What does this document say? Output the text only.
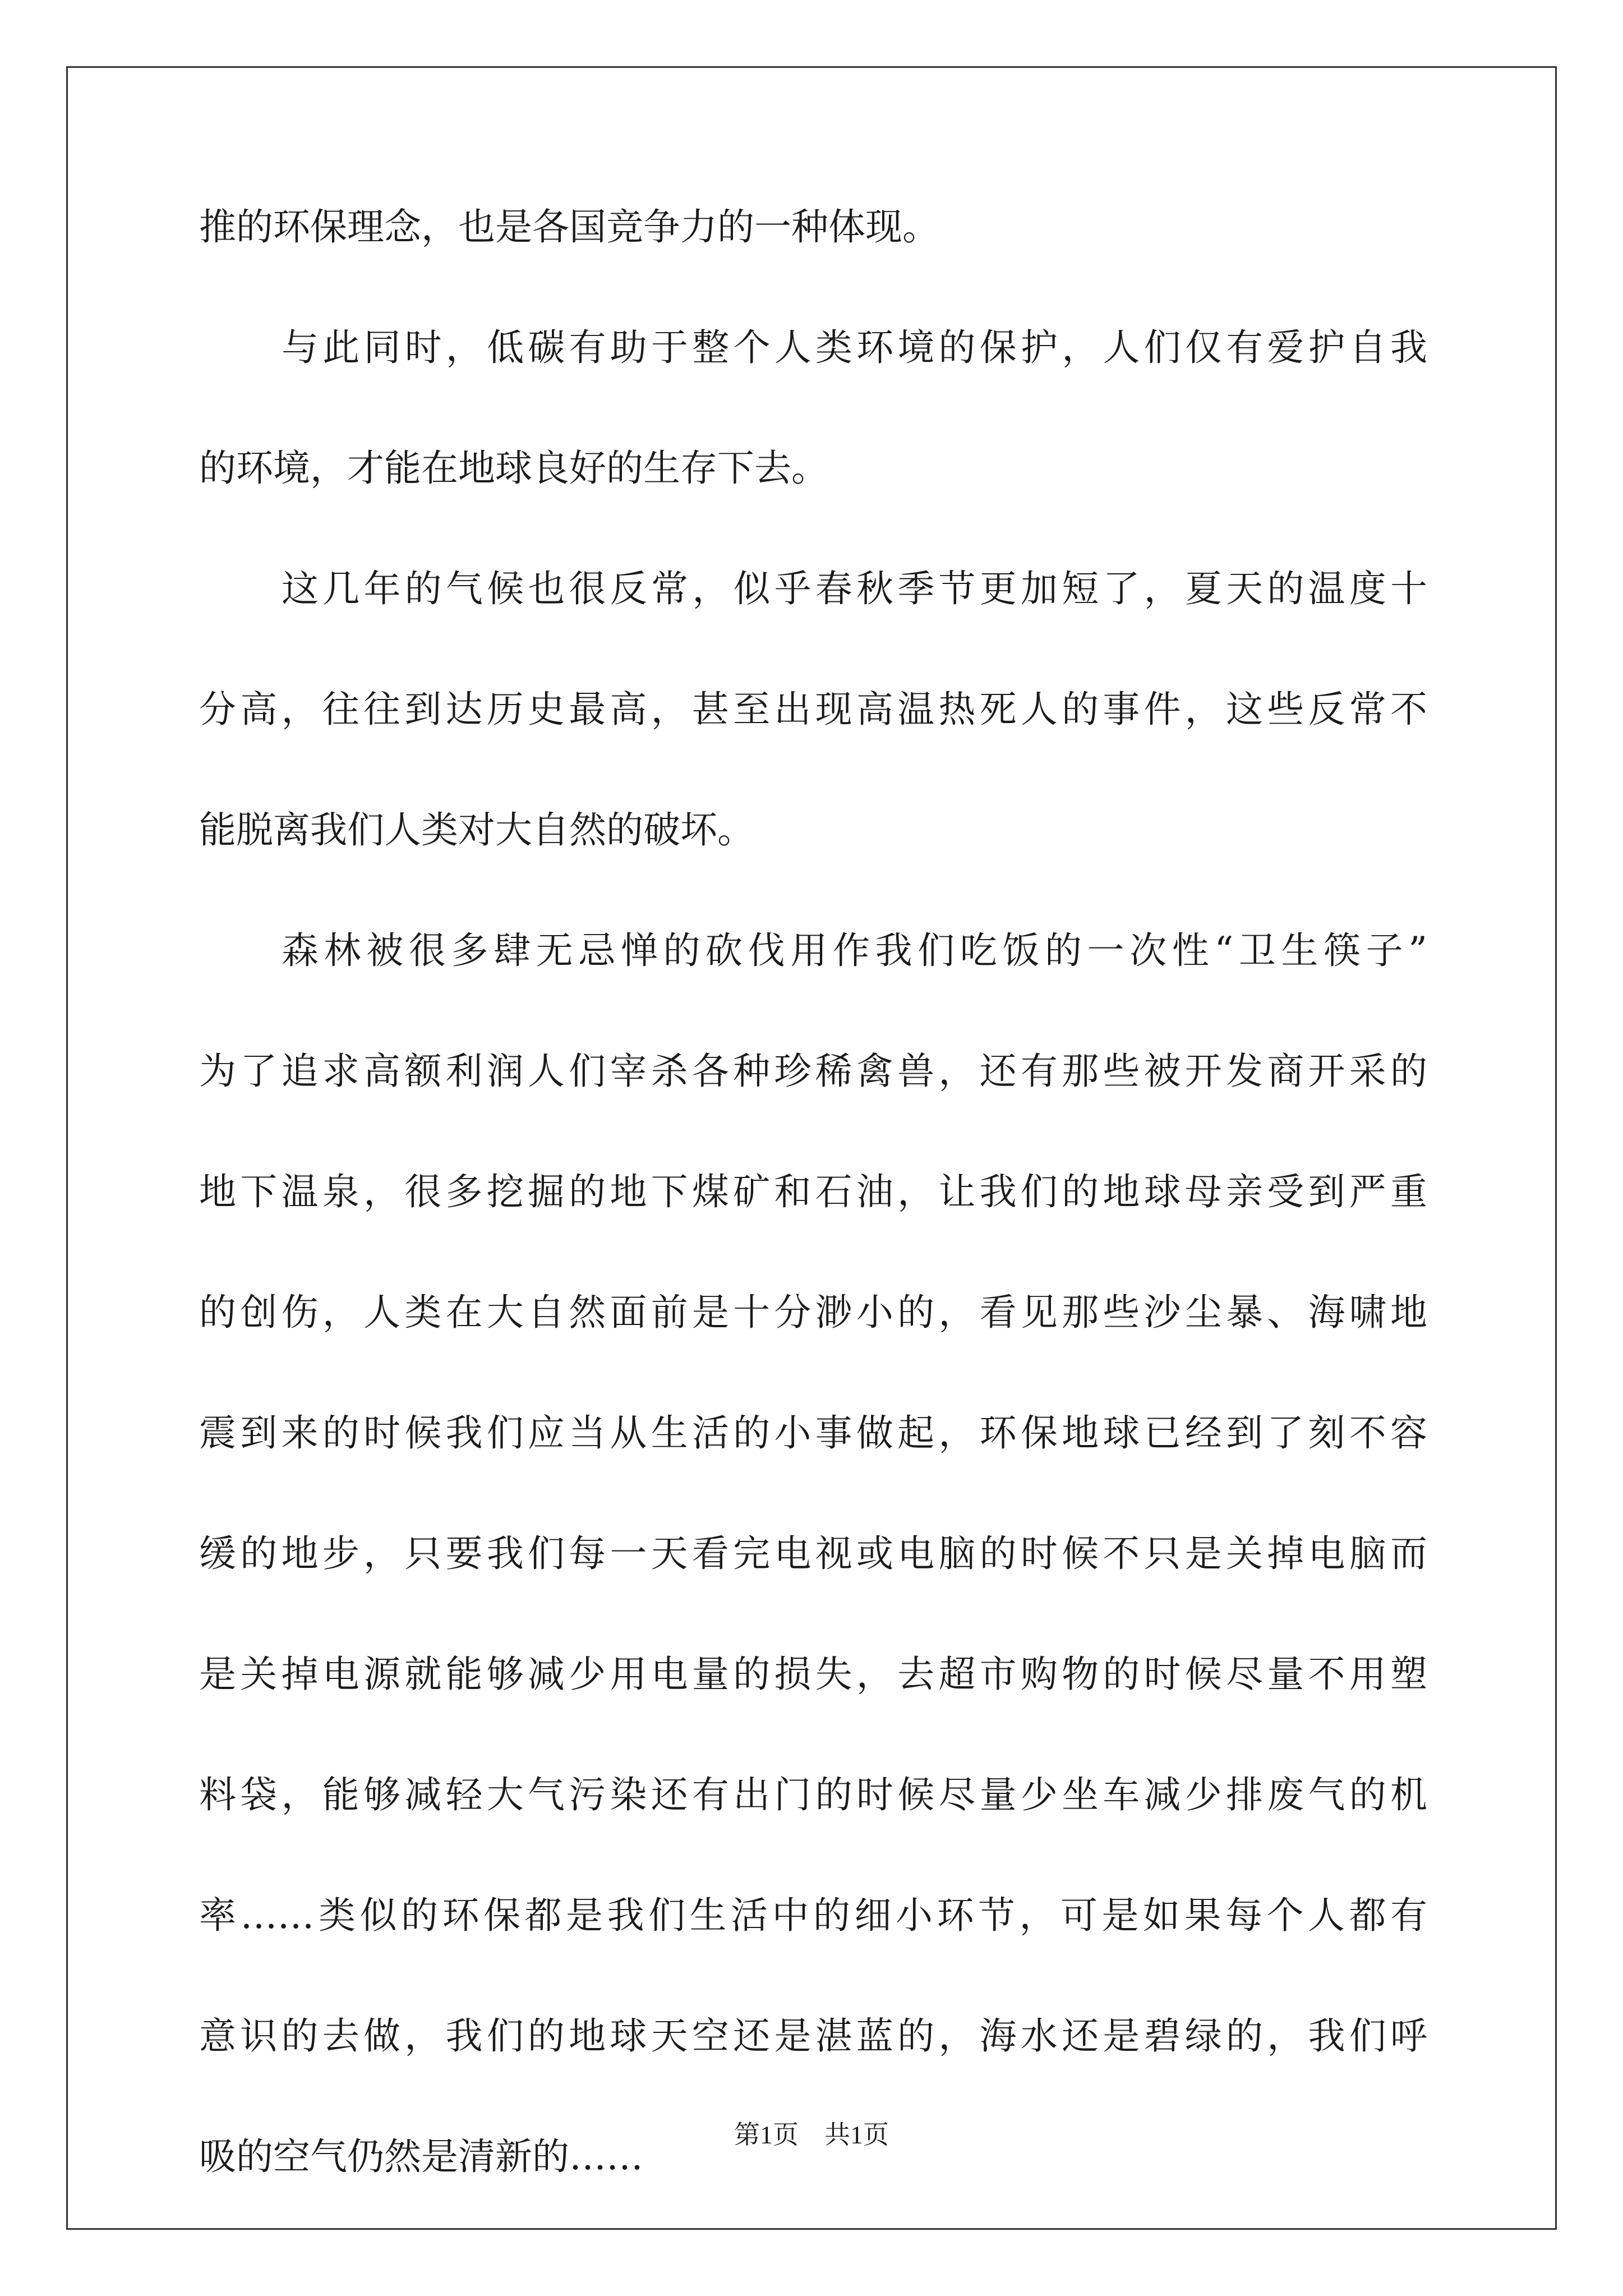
推的环保理念，也是各国竞争力的一种体现。
与此同时，低碳有助于整个人类环境的保护，人们仅有爱护自我
的环境，才能在地球良好的生存下去。
这几年的气候也很反常，似乎春秋季节更加短了，夏天的温度十
分高，往往到达历史最高，甚至出现高温热死人的事件，这些反常不
能脱离我们人类对大自然的破坏。
森林被很多肆无忌惮的砍伐用作我们吃饭的一次性“卫生筷子”
为了追求高额利润人们宰杀各种珍稀禽兽，还有那些被开发商开采的
地下温泉，很多挖掘的地下煤矿和石油，让我们的地球母亲受到严重
的创伤，人类在大自然面前是十分渺小的，看见那些沙尘暴、海啸地
震到来的时候我们应当从生活的小事做起，环保地球已经到了刻不容
缓的地步，只要我们每一天看完电视或电脑的时候不只是关掉电脑而
是关掉电源就能够减少用电量的损失，去超市购物的时候尽量不用塑
料袋，能够减轻大气污染还有出门的时候尽量少坐车减少排废气的机
率……类似的环保都是我们生活中的细小环节，可是如果每个人都有
意识的去做，我们的地球天空还是湛蓝的，海水还是碧绿的，我们呼
吸的空气仍然是清新的……
第1页　共1页
